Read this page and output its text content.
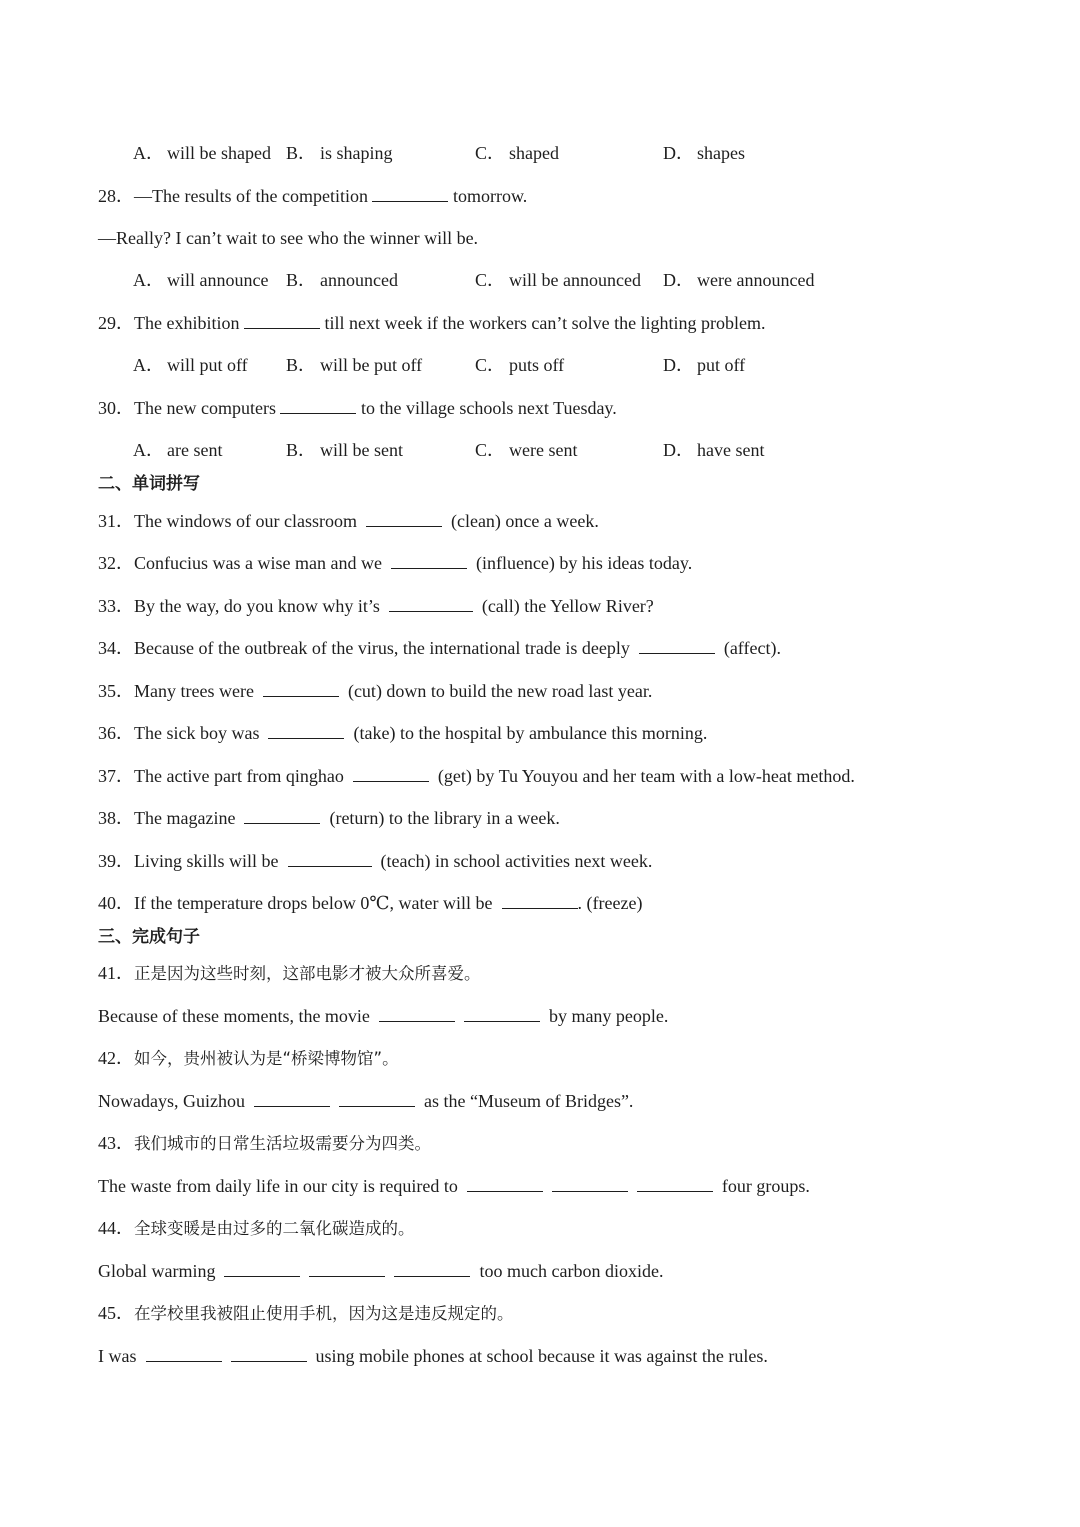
A． will be shaped B． is shaping	C． shaped	D． shapes
28．—The results of the competition	tomorrow.
—Really? I can’t wait to see who the winner will be.
A． will announce B． announced	C． will be announced D． were announced
29．The exhibition	till next week if the workers can’t solve the lighting problem.
A． will put off B． will be put off	C． puts off	D． put off
30．The new computers	to the village schools next Tuesday.
A． are sent	B． will be sent	C． were sent	D． have sent
二、单词拼写
31．The windows of our classroom	(clean) once a week.
32．Confucius was a wise man and we	(influence) by his ideas today.
33．By the way, do you know why it’s	(call) the Yellow River?
34．Because of the outbreak of the virus, the international trade is deeply	(affect).
35．Many trees were	(cut) down to build the new road last year.
36．The sick boy was	(take) to the hospital by ambulance this morning.
37．The active part from qinghao	(get) by Tu Youyou and her team with a low-heat method.
38．The magazine	(return) to the library in a week.
39．Living skills will be	(teach) in school activities next week.
40．If the temperature drops below 0℃, water will be	. (freeze)
三、完成句子
41．正是因为这些时刻，这部电影才被大众所喜爱。
Because of these moments, the movie	by many people.
42．如今，贵州被认为是“桥梁博物馆”。
Nowadays, Guizhou	as the “Museum of Bridges”.
43．我们城市的日常生活垃圾需要分为四类。
The waste from daily life in our city is required to	four groups.
44．全球变暖是由过多的二氧化碳造成的。
Global warming	too much carbon dioxide.
45．在学校里我被阻止使用手机，因为这是违反规定的。
I was	using mobile phones at school because it was against the rules.
